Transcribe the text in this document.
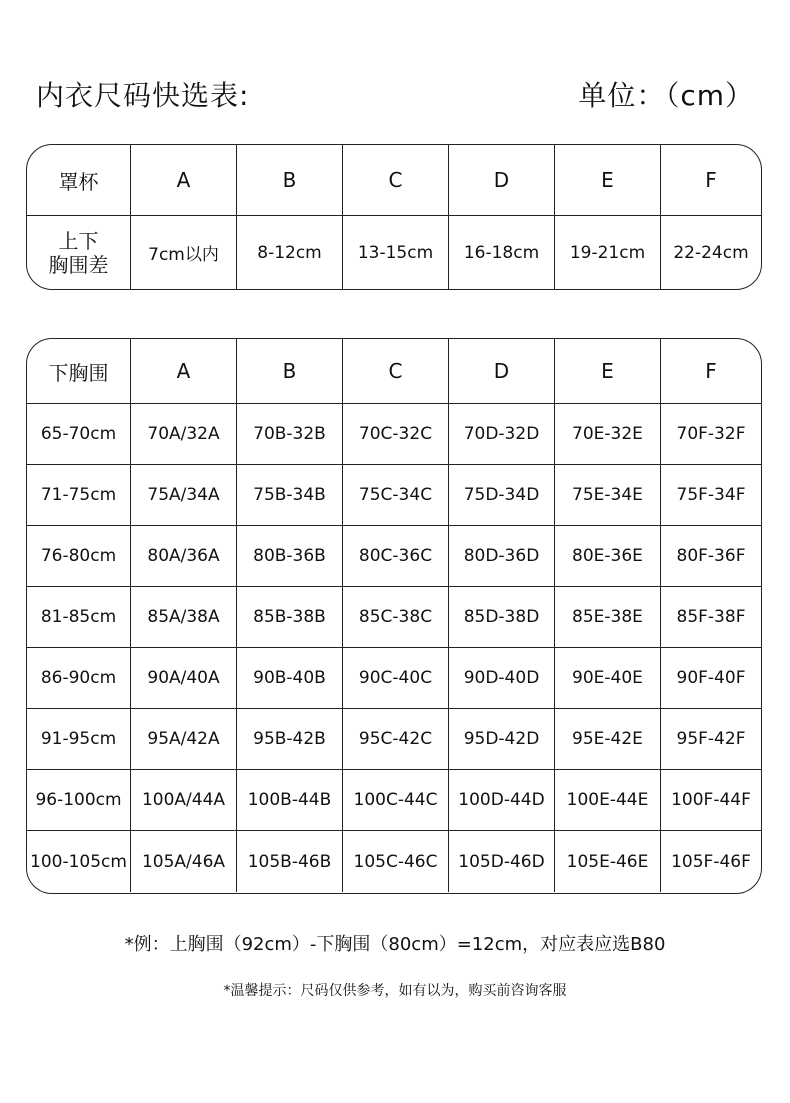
内衣尺码快选表:	单位：（cm）
罩杯	A	B	C	D	E	F
上下
胸围差	7cm以内	8-12cm	13-15cm	16-18cm	19-21cm	22-24cm
下胸围	A	B	C	D	E	F
65-70cm	70A/32A	70B-32B	70C-32C	70D-32D	70E-32E	70F-32F
71-75cm	75A/34A	75B-34B	75C-34C	75D-34D	75E-34E	75F-34F
76-80cm	80A/36A	80B-36B	80C-36C	80D-36D	80E-36E	80F-36F
81-85cm	85A/38A	85B-38B	85C-38C	85D-38D	85E-38E	85F-38F
86-90cm	90A/40A	90B-40B	90C-40C	90D-40D	90E-40E	90F-40F
91-95cm	95A/42A	95B-42B	95C-42C	95D-42D	95E-42E	95F-42F
96-100cm	100A/44A	100B-44B	100C-44C	100D-44D	100E-44E	100F-44F
100-105cm 105A/46A	105B-46B	105C-46C	105D-46D	105E-46E	105F-46F
*例：上胸围（92cm）-下胸围（80cm）=12cm，对应表应选B80
*温馨提示：尺码仅供参考，如有以为，购买前咨询客服
